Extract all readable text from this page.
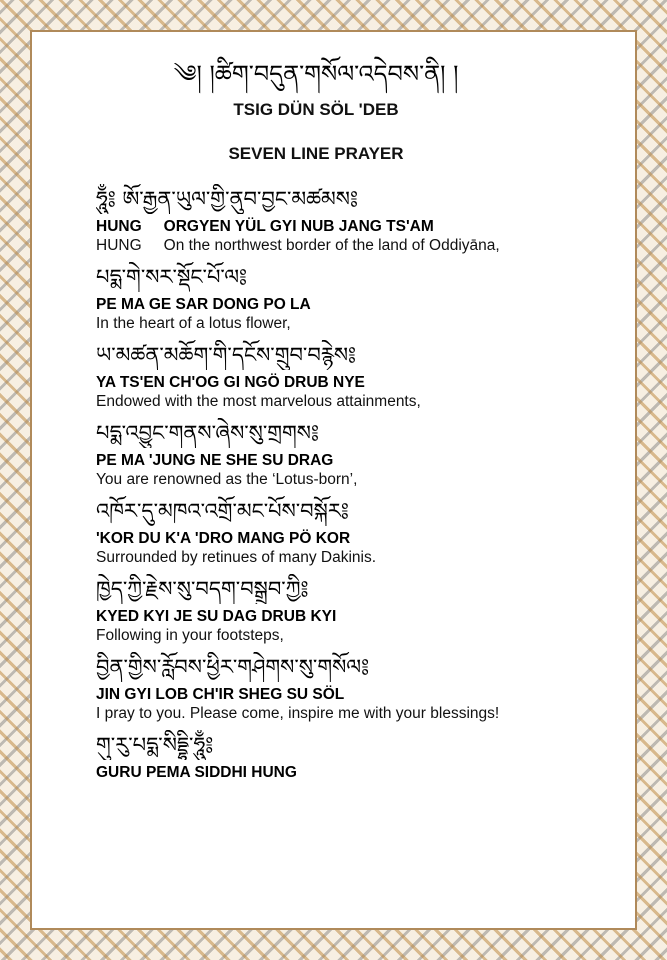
༄། །ཚིག་བདུན་གསོལ་འདེབས་ནི། །

TSIG DÜN SÖL 'DEB

SEVEN LINE PRAYER

ཧཱུྃ༔ ཨོ་རྒྱན་ཡུལ་གྱི་ནུབ་བྱང་མཚམས༔

HUNG ORGYEN YÜL GYI NUB JANG TS'AM

HUNG On the northwest border of the land of Oddiyāna,

པདྨ་གེ་སར་སྡོང་པོ་ལ༔

PE MA GE SAR DONG PO LA

In the heart of a lotus flower,

ཡ་མཚན་མཆོག་གི་དངོས་གྲུབ་བརྙེས༔

YA TS'EN CH'OG GI NGÖ DRUB NYE

Endowed with the most marvelous attainments,

པདྨ་འབྱུང་གནས་ཞེས་སུ་གྲགས༔

PE MA 'JUNG NE SHE SU DRAG

You are renowned as the ‘Lotus-born’,

འཁོར་དུ་མཁའ་འགྲོ་མང་པོས་བསྐོར༔

'KOR DU K'A 'DRO MANG PÖ KOR

Surrounded by retinues of many Dakinis.

ཁྱེད་ཀྱི་རྗེས་སུ་བདག་བསྒྲུབ་ཀྱི༔

KYED KYI JE SU DAG DRUB KYI

Following in your footsteps,

བྱིན་གྱིས་རློབས་ཕྱིར་གཤེགས་སུ་གསོལ༔

JIN GYI LOB CH'IR SHEG SU SÖL

I pray to you. Please come, inspire me with your blessings!

གུ་རུ་པདྨ་སིདྡྷི་ཧཱུྃ༔

GURU PEMA SIDDHI HUNG
